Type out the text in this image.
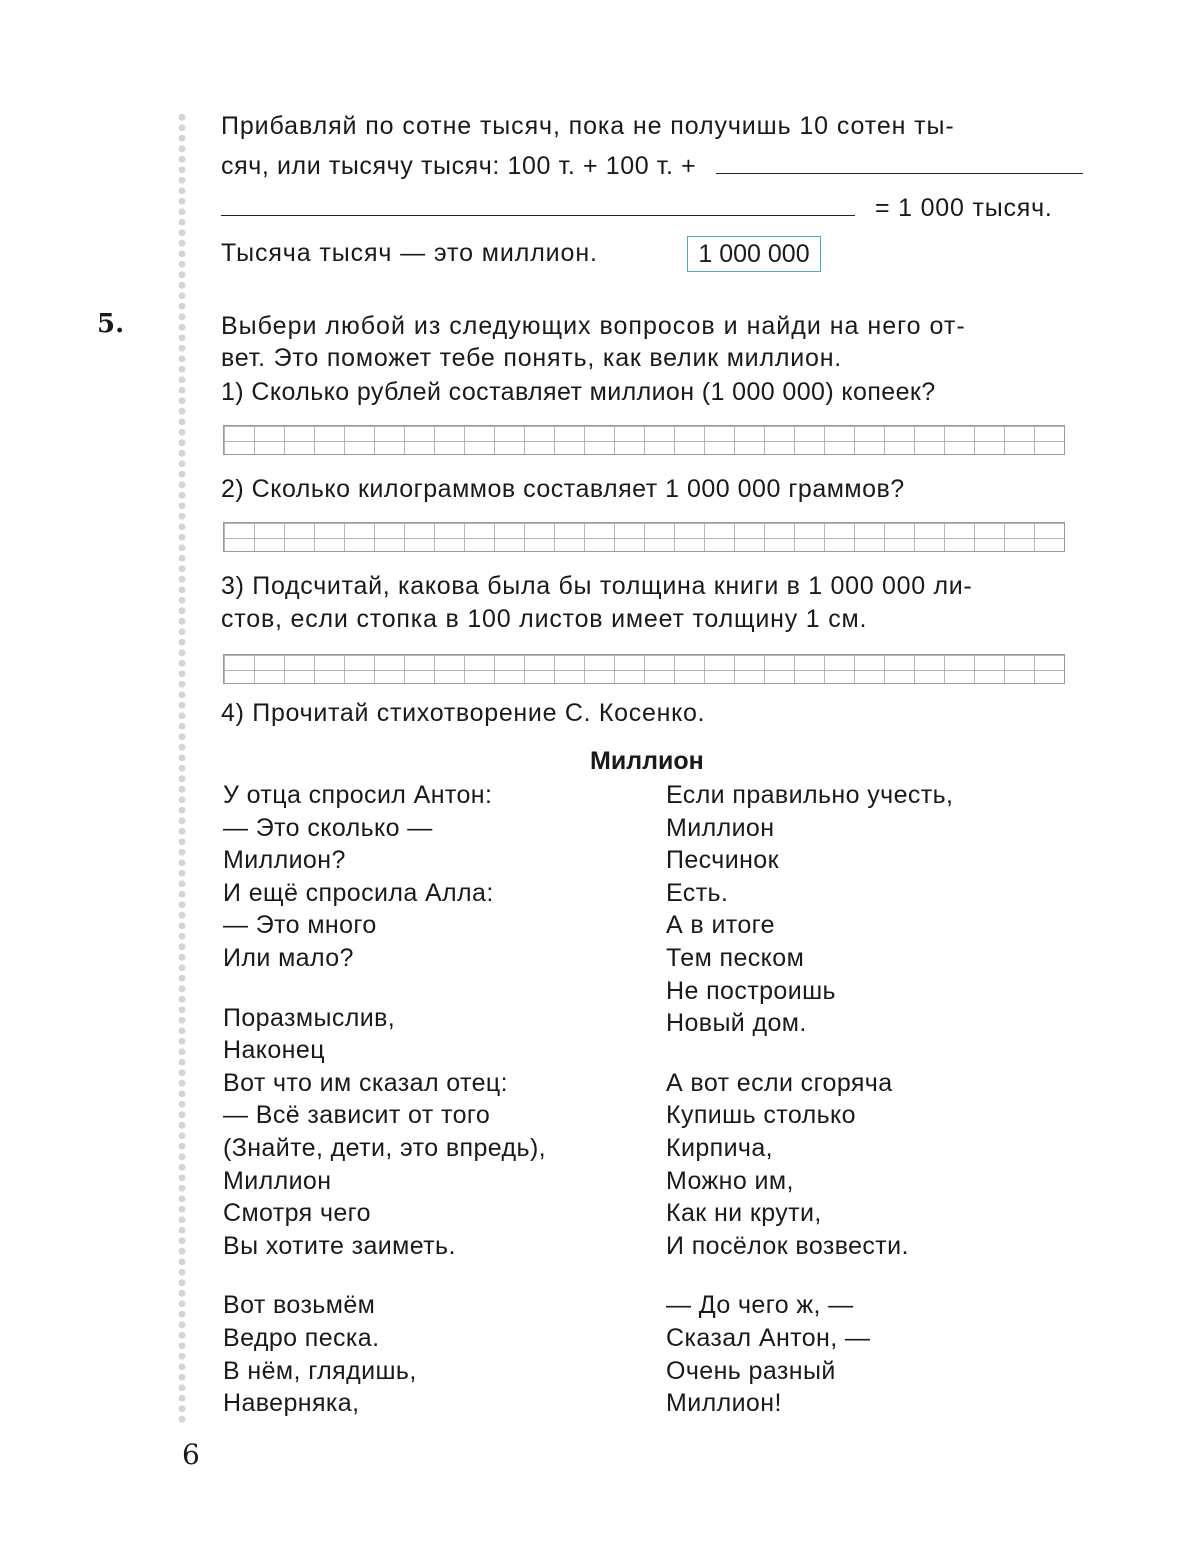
Прибавляй по сотне тысяч, пока не получишь 10 сотен ты-
сяч, или тысячу тысяч: 100 т. + 100 т. +
= 1 000 тысяч.
Тысяча тысяч — это миллион.	1 000 000
5.	Выбери любой из следующих вопросов и найди на него от-
вет. Это поможет тебе понять, как велик миллион.
1) Сколько рублей составляет миллион (1 000 000) копеек?
2) Сколько килограммов составляет 1 000 000 граммов?
3) Подсчитай, какова была бы толщина книги в 1 000 000 ли-
стов, если стопка в 100 листов имеет толщину 1 см.
4) Прочитай стихотворение С. Косенко.
Миллион
У отца спросил Антон:
— Это сколько —
Миллион?
И ещё спросила Алла:
— Это много
Или мало?
Поразмыслив,
Наконец
Вот что им сказал отец:
— Всё зависит от того
(Знайте, дети, это впредь),
Миллион
Смотря чего
Вы хотите заиметь.
Вот возьмём
Ведро песка.
В нём, глядишь,
Наверняка,
Если правильно учесть,
Миллион
Песчинок
Есть.
А в итоге
Тем песком
Не построишь
Новый дом.
А вот если сгоряча
Купишь столько
Кирпича,
Можно им,
Как ни крути,
И посёлок возвести.
— До чего ж, —
Сказал Антон, —
Очень разный
Миллион!
6
